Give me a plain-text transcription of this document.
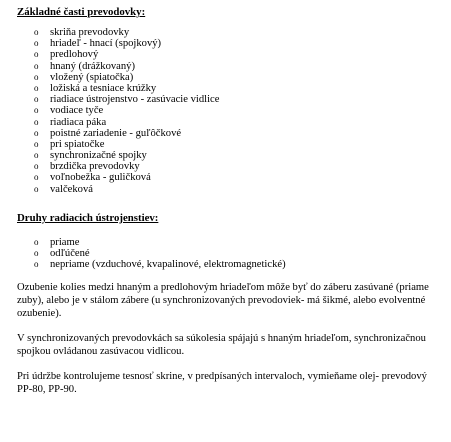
Základné časti prevodovky:
o skriňa prevodovky
o hriadeľ - hnací (spojkový)
o predlohový
o hnaný (drážkovaný)
o vložený (spiatočka)
o ložiská a tesniace krúžky
o riadiace ústrojenstvo - zasúvacie vidlice
o vodiace tyče
o riadiaca páka
o poistné zariadenie - guľôčkové
o pri spiatočke
o synchronizačné spojky
o brzdička prevodovky
o voľnobežka - guličková
o valčeková
Druhy radiacich ústrojenstiev:
o priame
o odľúčené
o nepriame (vzduchové, kvapalinové, elektromagnetické)

Ozubenie kolies medzi hnaným a predlohovým hriadeľom môže byť do záberu zasúvané (priame zuby), alebo je v stálom zábere (u synchronizovaných prevodoviek- má šikmé, alebo evolventné ozubenie).

V synchronizovaných prevodovkách sa súkolesia spájajú s hnaným hriadeľom, synchronizačnou spojkou ovládanou zasúvacou vidlicou.

Pri údržbe kontrolujeme tesnosť skrine, v predpísaných intervaloch, vymieňame olej- prevodový PP-80, PP-90.
